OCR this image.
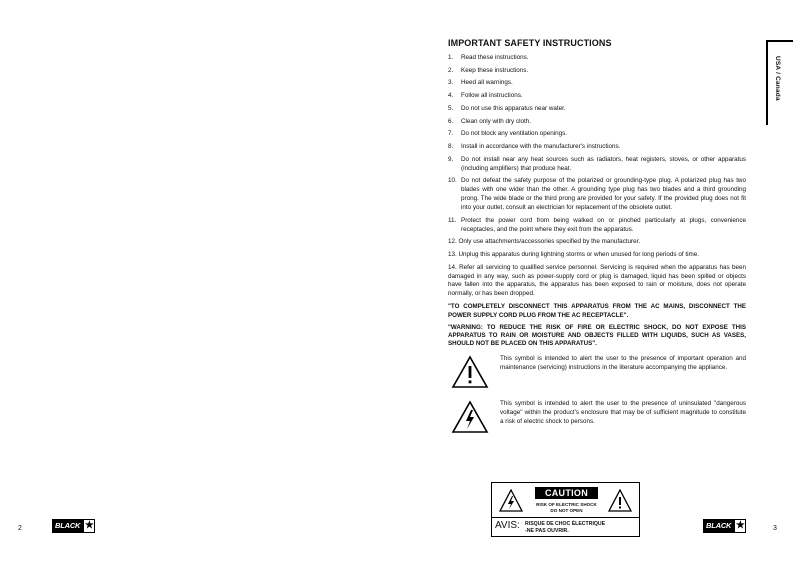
2	BLACK ★
USA / Canada
IMPORTANT SAFETY INSTRUCTIONS
1.	Read these instructions.
2.	Keep these instructions.
3.	Heed all warnings.
4.	Follow all instructions.
5.	Do not use this apparatus near water.
6.	Clean only with dry cloth.
7.	Do not block any ventilation openings.
8.	Install in accordance with the manufacturer's instructions.
9.	Do not install near any heat sources such as radiators, heat registers, stoves, or other apparatus (including amplifiers) that produce heat.
10. Do not defeat the safety purpose of the polarized or grounding-type plug. A polarized plug has two blades with one wider than the other. A grounding type plug has two blades and a third grounding prong. The wide blade or the third prong are provided for your safety. If the provided plug does not fit into your outlet, consult an electrician for replacement of the obsolete outlet.
11. Protect the power cord from being walked on or pinched particularly at plugs, convenience receptacles, and the point where they exit from the apparatus.

12. Only use attachments/accessories specified by the manufacturer.

13. Unplug this apparatus during lightning storms or when unused for long periods of time.

14. Refer all servicing to qualified service personnel. Servicing is required when the apparatus has been damaged in any way, such as power-supply cord or plug is damaged, liquid has been spilled or objects have fallen into the apparatus, the apparatus has been exposed to rain or moisture, does not operate normally, or has been dropped.

"TO COMPLETELY DISCONNECT THIS APPARATUS FROM THE AC MAINS, DISCONNECT THE POWER SUPPLY CORD PLUG FROM THE AC RECEPTACLE".

"WARNING: TO REDUCE THE RISK OF FIRE OR ELECTRIC SHOCK, DO NOT EXPOSE THIS APPARATUS TO RAIN OR MOISTURE AND OBJECTS FILLED WITH LIQUIDS, SUCH AS VASES, SHOULD NOT BE PLACED ON THIS APPARATUS".

This symbol is intended to alert the user to the presence of important operation and maintenance (servicing) instructions in the literature accompanying the appliance.
This symbol is intended to alert the user to the presence of uninsulated "dangerous voltage" within the product's enclosure that may be of sufficient magnitude to constitute a risk of electric shock to persons.
CAUTION
RISK OF ELECTRIC SHOCK
DO NOT OPEN
AVIS: RISQUE DE CHOC ÉLECTRIQUE
-NE PAS OUVRIR.	3
BLACK ★
